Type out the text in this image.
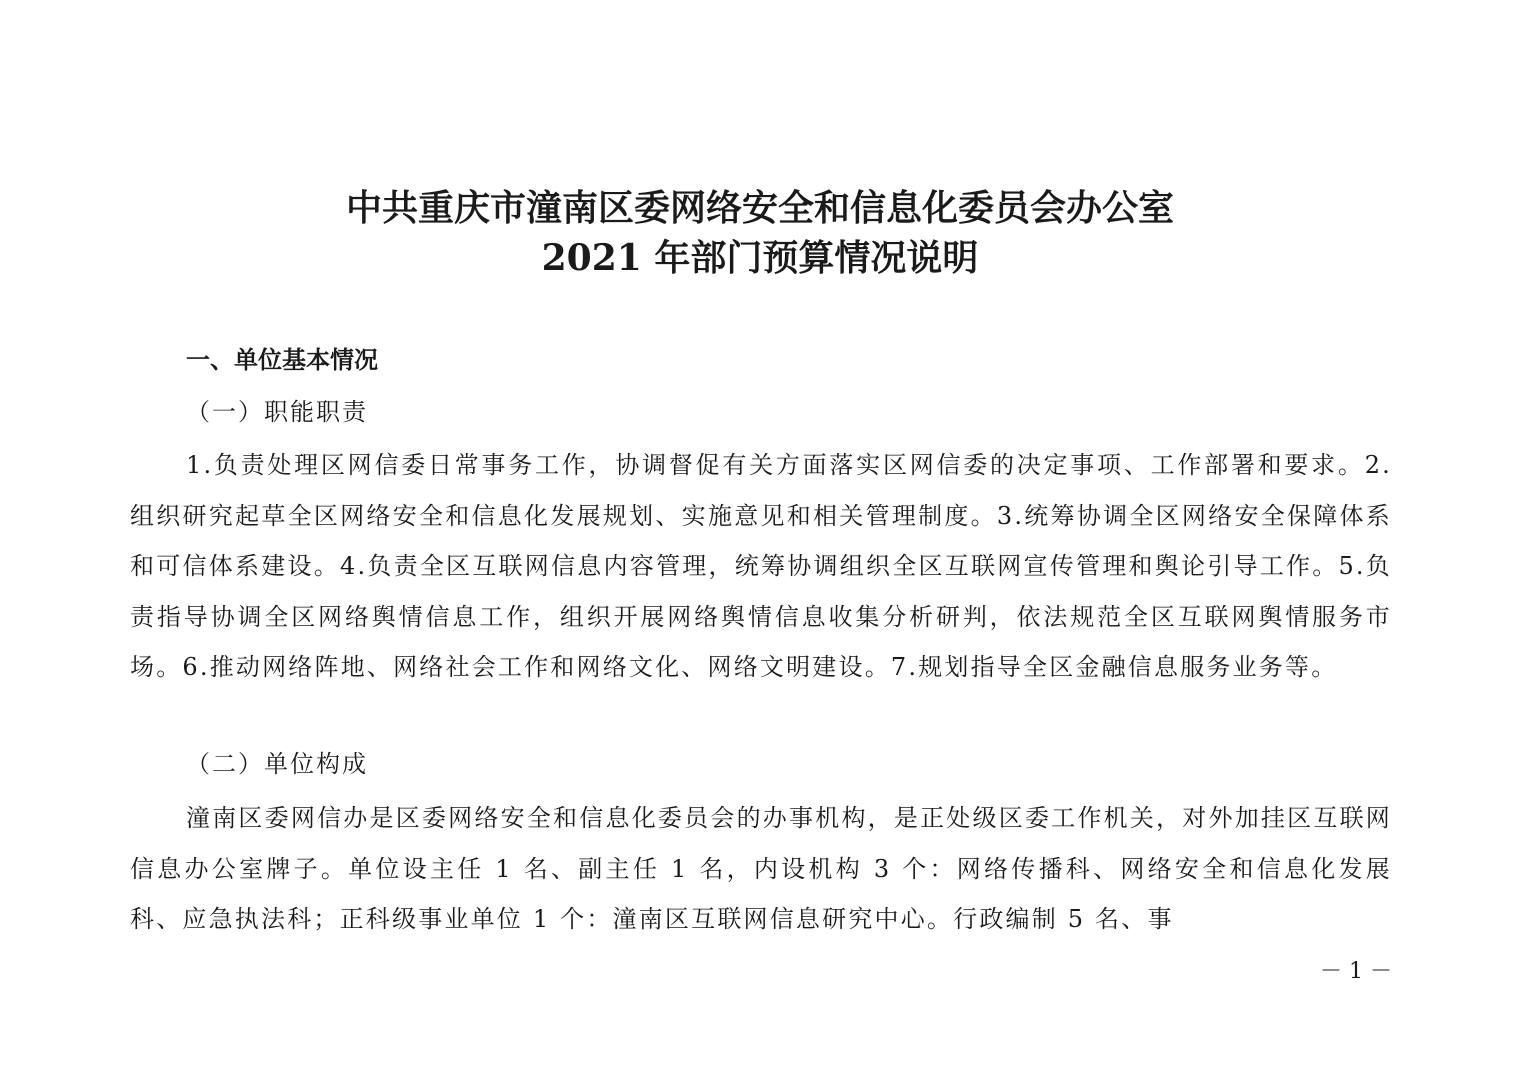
中共重庆市潼南区委网络安全和信息化委员会办公室
2021 年部门预算情况说明
一、单位基本情况
（一）职能职责

1.负责处理区网信委日常事务工作，协调督促有关方面落实区网信委的决定事项、工作部署和要求。2.组织研究起草全区网络安全和信息化发展规划、实施意见和相关管理制度。3.统筹协调全区网络安全保障体系和可信体系建设。4.负责全区互联网信息内容管理，统筹协调组织全区互联网宣传管理和舆论引导工作。5.负责指导协调全区网络舆情信息工作，组织开展网络舆情信息收集分析研判，依法规范全区互联网舆情服务市场。6.推动网络阵地、网络社会工作和网络文化、网络文明建设。7.规划指导全区金融信息服务业务等。

（二）单位构成

潼南区委网信办是区委网络安全和信息化委员会的办事机构，是正处级区委工作机关，对外加挂区互联网信息办公室牌子。单位设主任 1 名、副主任 1 名，内设机构 3 个：网络传播科、网络安全和信息化发展科、应急执法科；正科级事业单位 1 个：潼南区互联网信息研究中心。行政编制 5 名、事

－ 1 －
